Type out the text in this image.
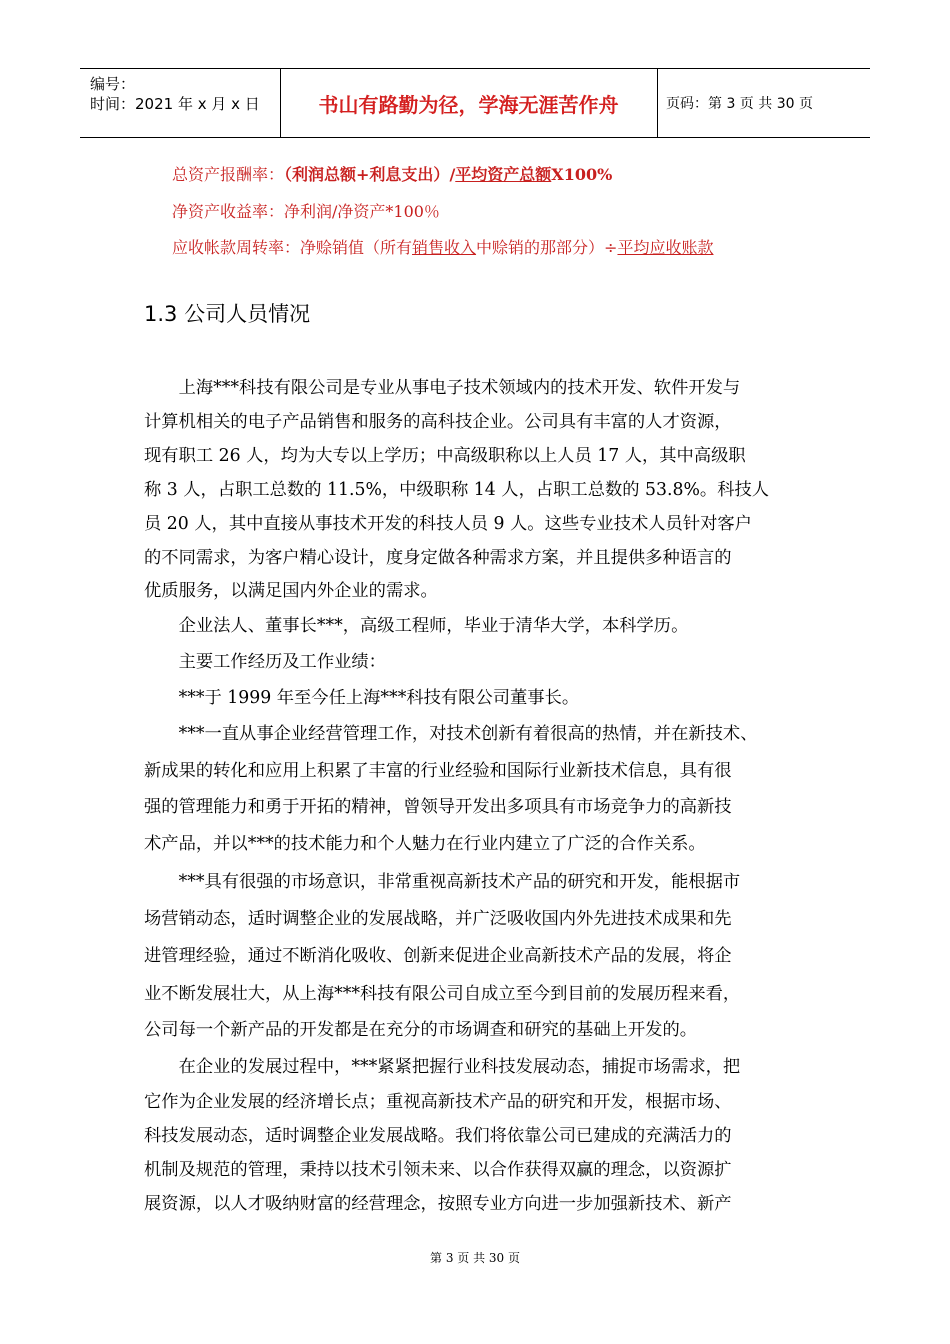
编号：
时间：2021 年 x 月 x 日	书山有路勤为径，学海无涯苦作舟	页码：第 3 页 共 30 页
总资产报酬率：（利润总额+利息支出）/平均资产总额X100%
净资产收益率：净利润/净资产*100％
应收帐款周转率：净赊销值（所有销售收入中赊销的那部分）÷平均应收账款
1.3 公司人员情况
　　上海***科技有限公司是专业从事电子技术领域内的技术开发、软件开发与
计算机相关的电子产品销售和服务的高科技企业。公司具有丰富的人才资源，
现有职工 26 人，均为大专以上学历；中高级职称以上人员 17 人，其中高级职
称 3 人，占职工总数的 11.5%，中级职称 14 人，占职工总数的 53.8%。科技人
员 20 人，其中直接从事技术开发的科技人员 9 人。这些专业技术人员针对客户
的不同需求，为客户精心设计，度身定做各种需求方案，并且提供多种语言的
优质服务，以满足国内外企业的需求。
　　企业法人、董事长***，高级工程师，毕业于清华大学，本科学历。
　　主要工作经历及工作业绩：
　　***于 1999 年至今任上海***科技有限公司董事长。
　　***一直从事企业经营管理工作，对技术创新有着很高的热情，并在新技术、
新成果的转化和应用上积累了丰富的行业经验和国际行业新技术信息，具有很
强的管理能力和勇于开拓的精神，曾领导开发出多项具有市场竞争力的高新技
术产品，并以***的技术能力和个人魅力在行业内建立了广泛的合作关系。
　　***具有很强的市场意识，非常重视高新技术产品的研究和开发，能根据市
场营销动态，适时调整企业的发展战略，并广泛吸收国内外先进技术成果和先
进管理经验，通过不断消化吸收、创新来促进企业高新技术产品的发展，将企
业不断发展壮大，从上海***科技有限公司自成立至今到目前的发展历程来看，
公司每一个新产品的开发都是在充分的市场调查和研究的基础上开发的。
　　在企业的发展过程中，***紧紧把握行业科技发展动态，捕捉市场需求，把
它作为企业发展的经济增长点；重视高新技术产品的研究和开发，根据市场、
科技发展动态，适时调整企业发展战略。我们将依靠公司已建成的充满活力的
机制及规范的管理，秉持以技术引领未来、以合作获得双赢的理念，以资源扩
展资源，以人才吸纳财富的经营理念，按照专业方向进一步加强新技术、新产
第 3 页 共 30 页
